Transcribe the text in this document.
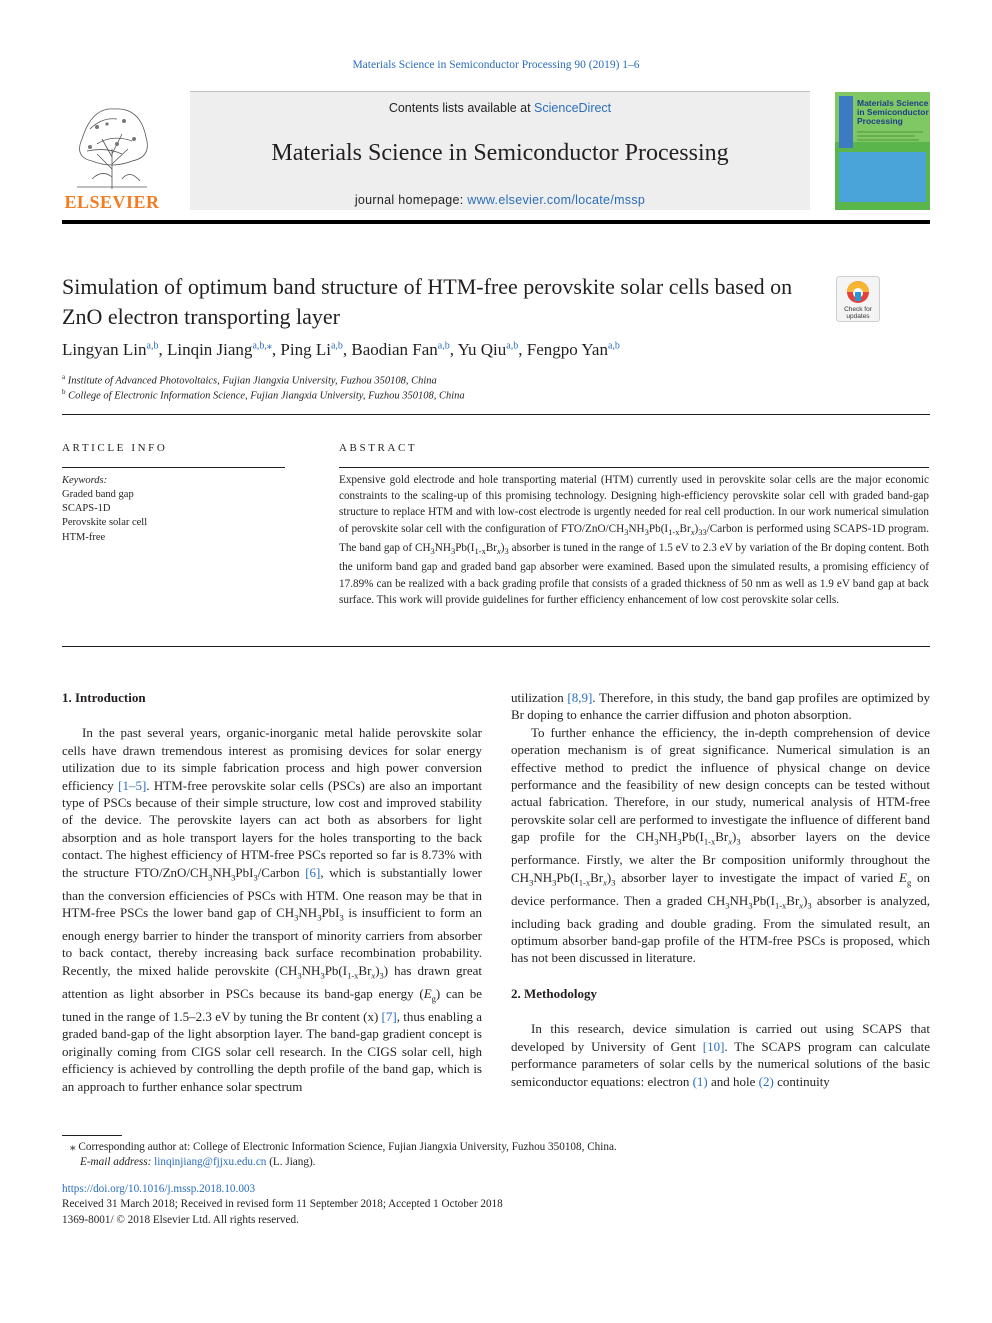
Materials Science in Semiconductor Processing 90 (2019) 1–6
Contents lists available at ScienceDirect
Materials Science in Semiconductor Processing
journal homepage: www.elsevier.com/locate/mssp
ELSEVIER
Materials Science
in Semiconductor
Processing
Simulation of optimum band structure of HTM-free perovskite solar cells based on ZnO electron transporting layer	Check for
updates
Lingyan Lin$^{a,b}$, Linqin Jiang$^{a,b,⁎}$, Ping Li$^{a,b}$, Baodian Fan$^{a,b}$, Yu Qiu$^{a,b}$, Fengpo Yan$^{a,b}$
$^a$ Institute of Advanced Photovoltaics, Fujian Jiangxia University, Fuzhou 350108, China
$^b$ College of Electronic Information Science, Fujian Jiangxia University, Fuzhou 350108, China
ARTICLE INFO
Keywords:
Graded band gap
SCAPS-1D
Perovskite solar cell
HTM-free
ABSTRACT
Expensive gold electrode and hole transporting material (HTM) currently used in perovskite solar cells are the major economic constraints to the scaling-up of this promising technology. Designing high-efficiency perovskite solar cell with graded band-gap structure to replace HTM and with low-cost electrode is urgently needed for real cell production. In our work numerical simulation of perovskite solar cell with the configuration of FTO/$ZnO/CH_3NH_3Pb(I_{1-x}Br_x)_{33}$/Carbon is performed using SCAPS-1D program. The band gap of $CH_3NH_3Pb(I_{1-x}Br_x)_3$ absorber is tuned in the range of 1.5 eV to 2.3 eV by variation of the Br doping content. Both the uniform band gap and graded band gap absorber were examined. Based upon the simulated results, a promising efficiency of 17.89% can be realized with a back grading profile that consists of a graded thickness of 50 nm as well as 1.9 eV band gap at back surface. This work will provide guidelines for further efficiency enhancement of low cost perovskite solar cells.
1. Introduction

In the past several years, organic-inorganic metal halide perovskite solar cells have drawn tremendous interest as promising devices for solar energy utilization due to its simple fabrication process and high power conversion efficiency [1–5]. HTM-free perovskite solar cells (PSCs) are also an important type of PSCs because of their simple structure, low cost and improved stability of the device. The perovskite layers can act both as absorbers for light absorption and as hole transport layers for the holes transporting to the back contact. The highest efficiency of HTM-free PSCs reported so far is 8.73% with the structure FTO/$ZnO/CH_3NH_3PbI_3$/Carbon [6], which is substantially lower than the conversion efficiencies of PSCs with HTM. One reason may be that in HTM-free PSCs the lower band gap of $CH_3NH_3PbI_3$ is insufficient to form an enough energy barrier to hinder the transport of minority carriers from absorber to back contact, thereby increasing back surface recombination probability. Recently, the mixed halide perovskite $(CH_3NH_3Pb(I_{1-x}Br_x)_3)$ has drawn great attention as light absorber in PSCs because its band-gap energy $(E_g)$ can be tuned in the range of 1.5–2.3 eV by tuning the Br content (x) [7], thus enabling a graded band-gap of the light absorption layer. The band-gap gradient concept is originally coming from CIGS solar cell research. In the CIGS solar cell, high efficiency is achieved by controlling the depth profile of the band gap, which is an approach to further enhance solar spectrum

utilization [8,9]. Therefore, in this study, the band gap profiles are optimized by Br doping to enhance the carrier diffusion and photon absorption.

To further enhance the efficiency, the in-depth comprehension of device operation mechanism is of great significance. Numerical simulation is an effective method to predict the influence of physical change on device performance and the feasibility of new design concepts can be tested without actual fabrication. Therefore, in our study, numerical analysis of HTM-free perovskite solar cell are performed to investigate the influence of different band gap profile for the $CH_3NH_3Pb(I_{1-x}Br_x)_3$ absorber layers on the device performance. Firstly, we alter the Br composition uniformly throughout the $CH_3NH_3Pb(I_{1-x}Br_x)_3$ absorber layer to investigate the impact of varied $E_g$ on device performance. Then a graded $CH_3NH_3Pb(I_{1-x}Br_x)_3$ absorber is analyzed, including back grading and double grading. From the simulated result, an optimum absorber band-gap profile of the HTM-free PSCs is proposed, which has not been discussed in literature.

2. Methodology

In this research, device simulation is carried out using SCAPS that developed by University of Gent [10]. The SCAPS program can calculate performance parameters of solar cells by the numerical solutions of the basic semiconductor equations: electron (1) and hole (2) continuity

⁎ Corresponding author at: College of Electronic Information Science, Fujian Jiangxia University, Fuzhou 350108, China.
E-mail address: linqinjiang@fjjxu.edu.cn (L. Jiang).
https://doi.org/10.1016/j.mssp.2018.10.003
Received 31 March 2018; Received in revised form 11 September 2018; Accepted 1 October 2018
1369-8001/ © 2018 Elsevier Ltd. All rights reserved.
